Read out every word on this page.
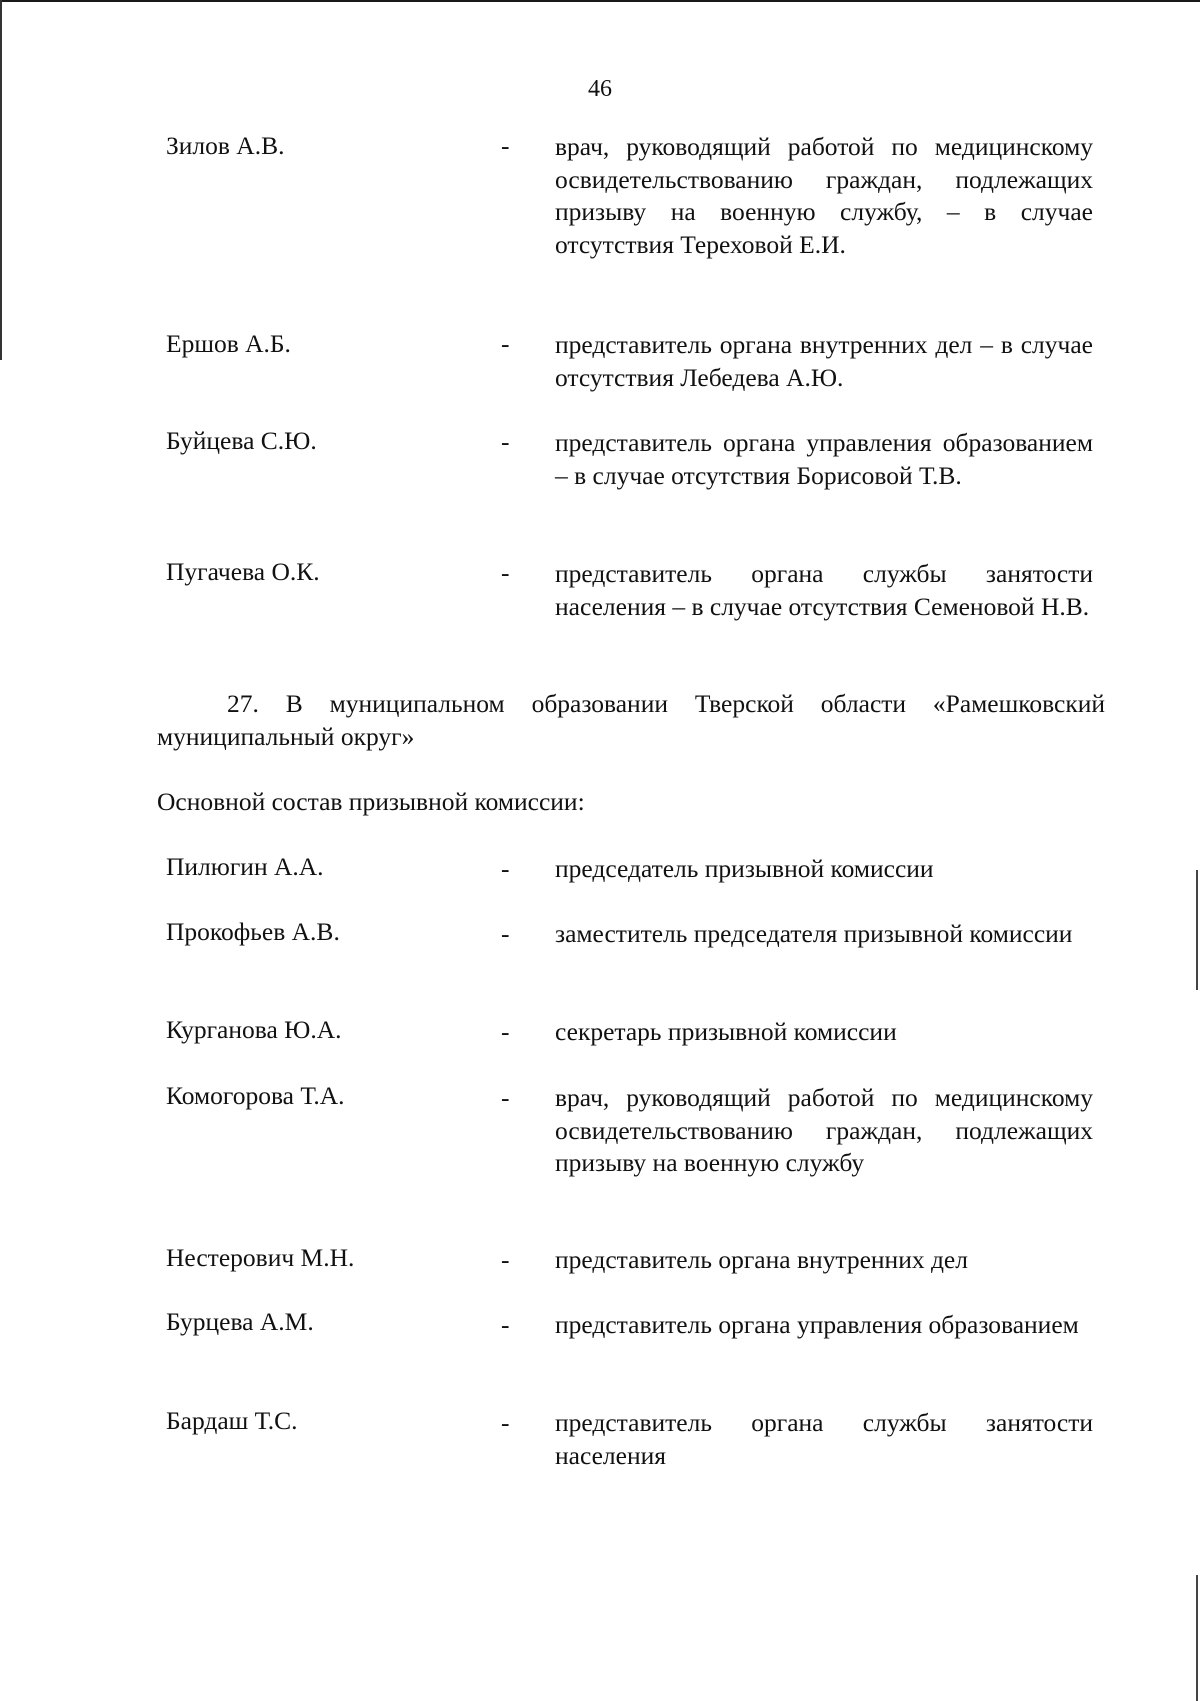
46
Зилов А.В.	- врач, руководящий работой по медицинскому освидетельствованию граждан, подлежащих призыву на военную службу, – в случае отсутствия Тереховой Е.И.
Ершов А.Б.	- представитель органа внутренних дел – в случае отсутствия Лебедева А.Ю.
Буйцева С.Ю.	- представитель органа управления образованием – в случае отсутствия Борисовой Т.В.
Пугачева О.К.	- представитель органа службы занятости населения – в случае отсутствия Семеновой Н.В.
27. В муниципальном образовании Тверской области «Рамешковский муниципальный округ»
Основной состав призывной комиссии:
Пилюгин А.А.	- председатель призывной комиссии
Прокофьев А.В.	- заместитель председателя призывной комиссии
Курганова Ю.А.	- секретарь призывной комиссии
Комогорова Т.А.	- врач, руководящий работой по медицинскому освидетельствованию граждан, подлежащих призыву на военную службу
Нестерович М.Н.	- представитель органа внутренних дел
Бурцева А.М.	- представитель органа управления образованием
Бардаш Т.С.	- представитель органа службы занятости населения
